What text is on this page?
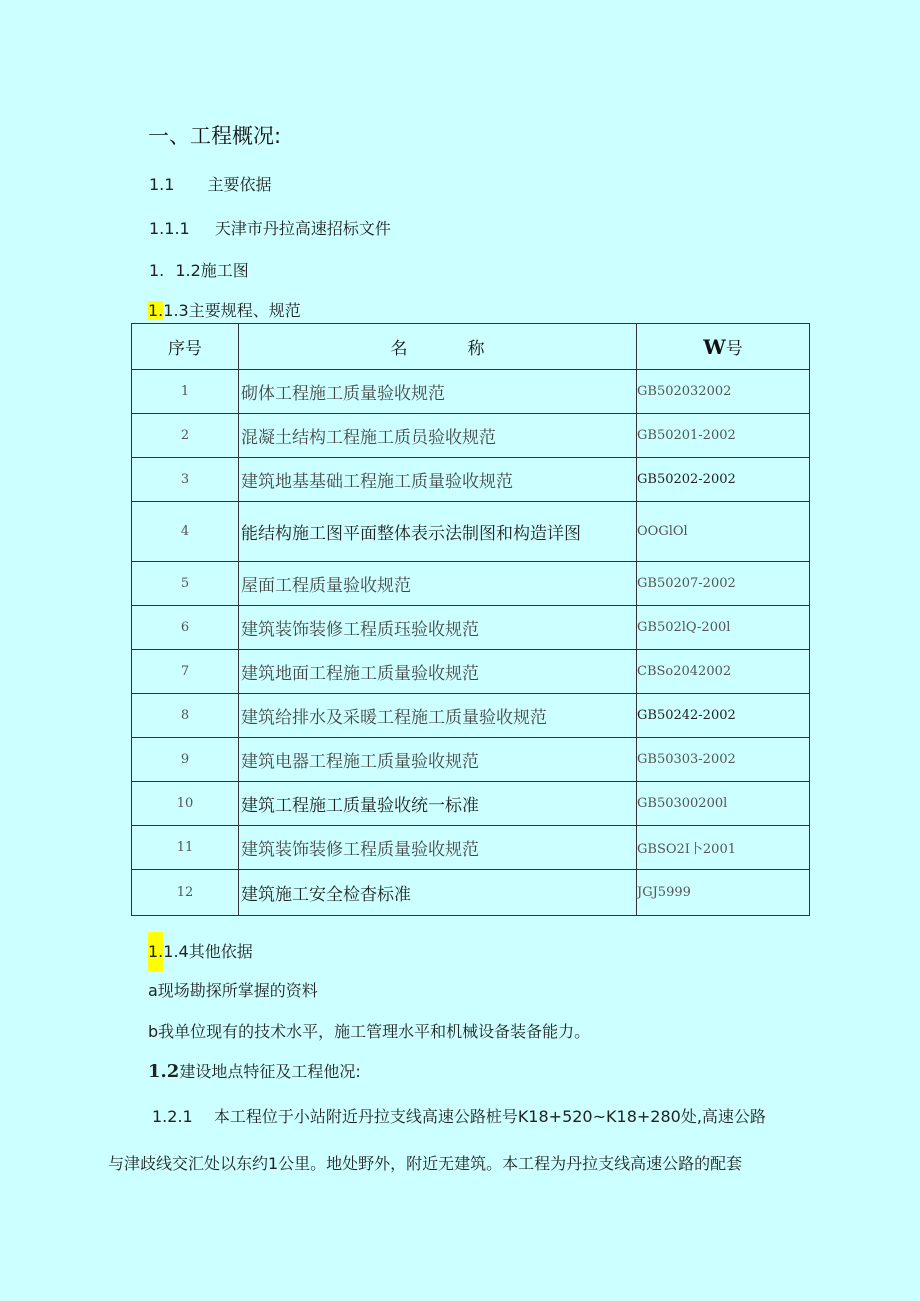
一、工程概况:
1.1 主要依据
1.1.1 天津市丹拉高速招标文件
1. 1.2施工图
1.1.3主要规程、规范
序号	名称	W号
1	砌体工程施工质量验收规范	GB502032002
2	混凝土结构工程施工质员验收规范	GB50201-2002
3	建筑地基基础工程施工质量验收规范	GB50202-2002
4	能结构施工图平面整体表示法制图和构造详图	OOGlOl
5	屋面工程质量验收规范	GB50207-2002
6	建筑装饰装修工程质珏验收规范	GB502lQ-200l
7	建筑地面工程施工质量验收规范	CBSo2042002
8	建筑给排水及采暖工程施工质量验收规范	GB50242-2002
9	建筑电器工程施工质量验收规范	GB50303-2002
10	建筑工程施工质量验收统一标准	GB50300200l
11	建筑装饰装修工程质量验收规范	GBSO2I卜2001
12	建筑施工安全检杳标准	JGJ5999
1.1.4其他依据
a现场勘探所掌握的资料
b我单位现有的技术水平，施工管理水平和机械设备装备能力。
1.2建设地点特征及工程他况:
1.2.1 本工程位于小站附近丹拉支线高速公路桩号K18+520~K18+280处,高速公路
与津歧线交汇处以东约1公里。地处野外，附近无建筑。本工程为丹拉支线高速公路的配套
